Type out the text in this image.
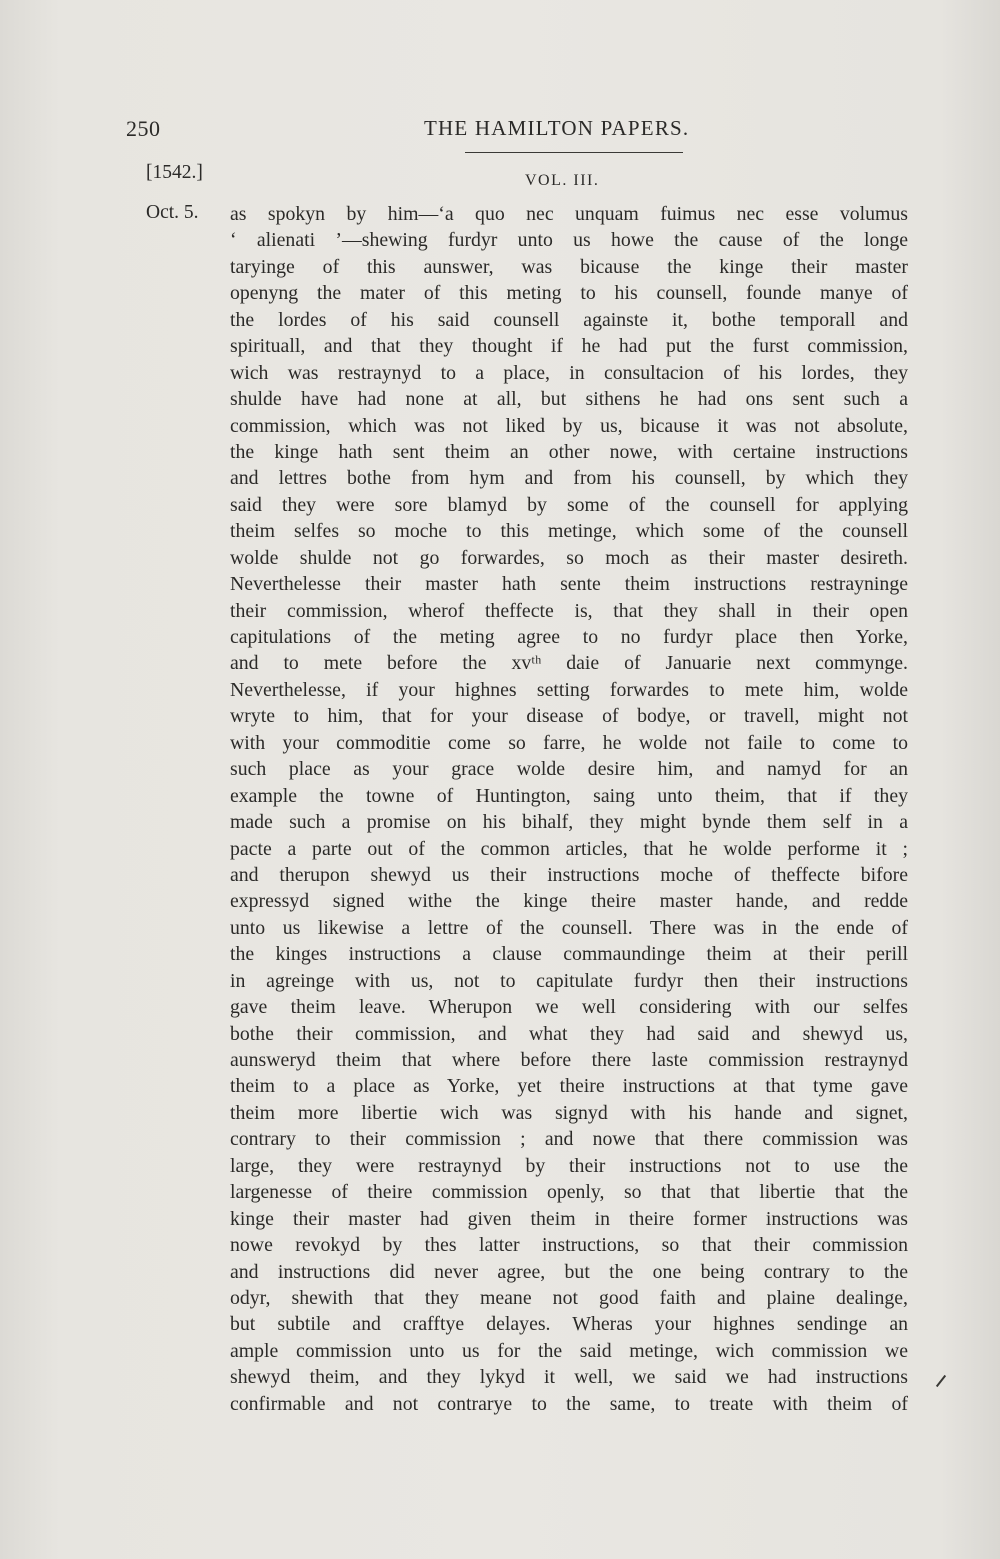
250	THE HAMILTON PAPERS.
[1542.]	VOL. III.
Oct. 5. as spokyn by him—‘a quo nec unquam fuimus nec esse volumus
‘ alienati ’—shewing furdyr unto us howe the cause of the longe
taryinge of this aunswer, was bicause the kinge their master
openyng the mater of this meting to his counsell, founde manye of
the lordes of his said counsell againste it, bothe temporall and
spirituall, and that they thought if he had put the furst commission,
wich was restraynyd to a place, in consultacion of his lordes, they
shulde have had none at all, but sithens he had ons sent such a
commission, which was not liked by us, bicause it was not absolute,
the kinge hath sent theim an other nowe, with certaine instructions
and lettres bothe from hym and from his counsell, by which they
said they were sore blamyd by some of the counsell for applying
theim selfes so moche to this metinge, which some of the counsell
wolde shulde not go forwardes, so moch as their master desireth.
Neverthelesse their master hath sente theim instructions restrayninge
their commission, wherof theffecte is, that they shall in their open
capitulations of the meting agree to no furdyr place then Yorke,
and to mete before the xvᵗʰ daie of Januarie next commynge.
Neverthelesse, if your highnes setting forwardes to mete him, wolde
wryte to him, that for your disease of bodye, or travell, might not
with your commoditie come so farre, he wolde not faile to come to
such place as your grace wolde desire him, and namyd for an
example the towne of Huntington, saing unto theim, that if they
made such a promise on his bihalf, they might bynde them self in a
pacte a parte out of the common articles, that he wolde performe it ;
and therupon shewyd us their instructions moche of theffecte bifore
expressyd signed withe the kinge theire master hande, and redde
unto us likewise a lettre of the counsell. There was in the ende of
the kinges instructions a clause commaundinge theim at their perill
in agreinge with us, not to capitulate furdyr then their instructions
gave theim leave. Wherupon we well considering with our selfes
bothe their commission, and what they had said and shewyd us,
aunsweryd theim that where before there laste commission restraynyd
theim to a place as Yorke, yet theire instructions at that tyme gave
theim more libertie wich was signyd with his hande and signet,
contrary to their commission ; and nowe that there commission was
large, they were restraynyd by their instructions not to use the
largenesse of theire commission openly, so that that libertie that the
kinge their master had given theim in theire former instructions was
nowe revokyd by thes latter instructions, so that their commission
and instructions did never agree, but the one being contrary to the
odyr, shewith that they meane not good faith and plaine dealinge,
but subtile and crafftye delayes. Wheras your highnes sendinge an
ample commission unto us for the said metinge, wich commission we
shewyd theim, and they lykyd it well, we said we had instructions
confirmable and not contrarye to the same, to treate with theim of
